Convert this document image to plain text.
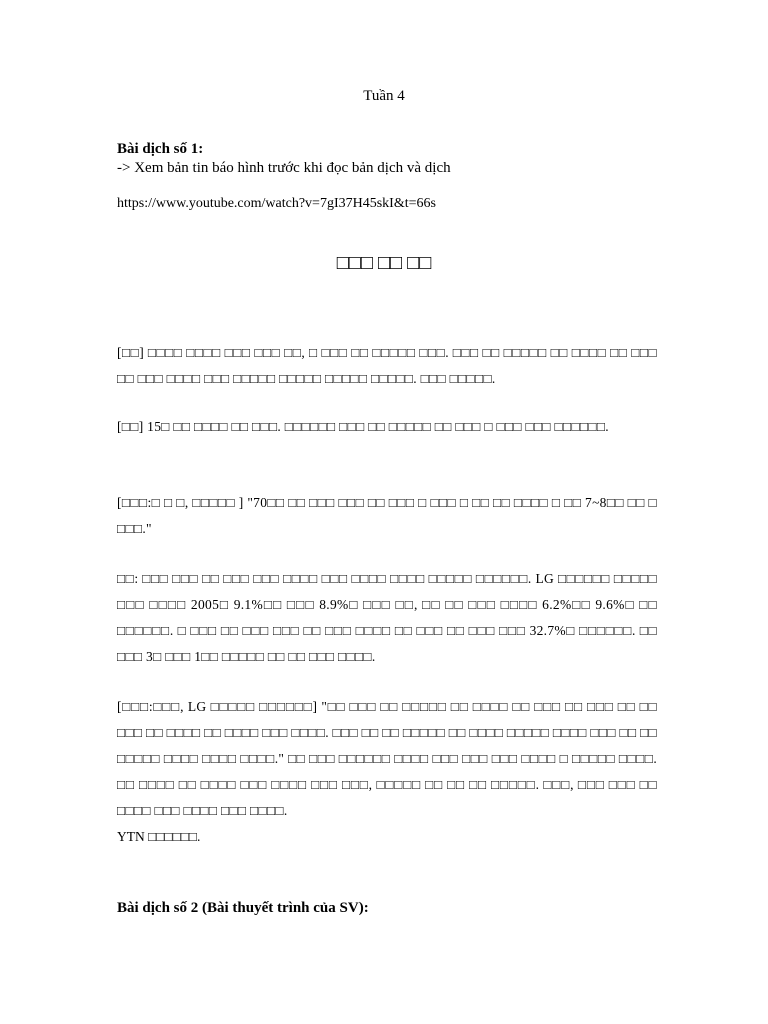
Tuần 4
Bài dịch số 1:
-> Xem bản tin báo hình trước khi đọc bản dịch và dịch
https://www.youtube.com/watch?v=7gI37H45skI&t=66s
□□□ □□ □□
[□□] □□□□ □□□□ □□□ □□□ □□, □ □□□ □□ □□□□□ □□□. □□□ □□ □□□□□ □□ □□□□ □□ □□□ □□ □□□ □□□□ □□□ □□□□□ □□□□□ □□□□□ □□□□□. □□□ □□□□□.
[□□] 15□ □□ □□□□ □□ □□□. □□□□□□ □□□ □□ □□□□□ □□ □□□ □ □□□ □□□ □□□□□□.
[□□□:□ □ □, □□□□□ ] "70□□ □□ □□□ □□□ □□ □□□ □ □□□ □ □□ □□ □□□□ □ □□ 7~8□□ □□ □ □□□."
□□: □□□ □□□ □□ □□□ □□□ □□□□ □□□ □□□□ □□□□ □□□□□ □□□□□□. LG □□□□□□ □□□□□ □□□ □□□□ 2005□ 9.1%□□ □□□ 8.9%□ □□□ □□, □□ □□ □□□ □□□□ 6.2%□□ 9.6%□ □□ □□□□□□. □ □□□ □□ □□□ □□□ □□ □□□ □□□□ □□ □□□ □□ □□□ □□□ 32.7%□ □□□□□□. □□ □□□ 3□ □□□ 1□□ □□□□□ □□ □□ □□□ □□□□.
[□□□:□□□, LG □□□□□ □□□□□□] "□□ □□□ □□ □□□□□ □□ □□□□ □□ □□□ □□ □□□ □□ □□ □□□ □□ □□□□ □□ □□□□ □□□ □□□□. □□□ □□ □□ □□□□□ □□ □□□□ □□□□□ □□□□ □□□ □□ □□ □□□□□ □□□□ □□□□ □□□□." □□ □□□ □□□□□□ □□□□ □□□ □□□ □□□ □□□□ □ □□□□□ □□□□. □□ □□□□ □□ □□□□ □□□ □□□□ □□□ □□□, □□□□□ □□ □□ □□ □□□□□. □□□, □□□ □□□ □□ □□□□ □□□ □□□□ □□□ □□□□.
YTN □□□□□□.
Bài dịch số 2 (Bài thuyết trình của SV):
